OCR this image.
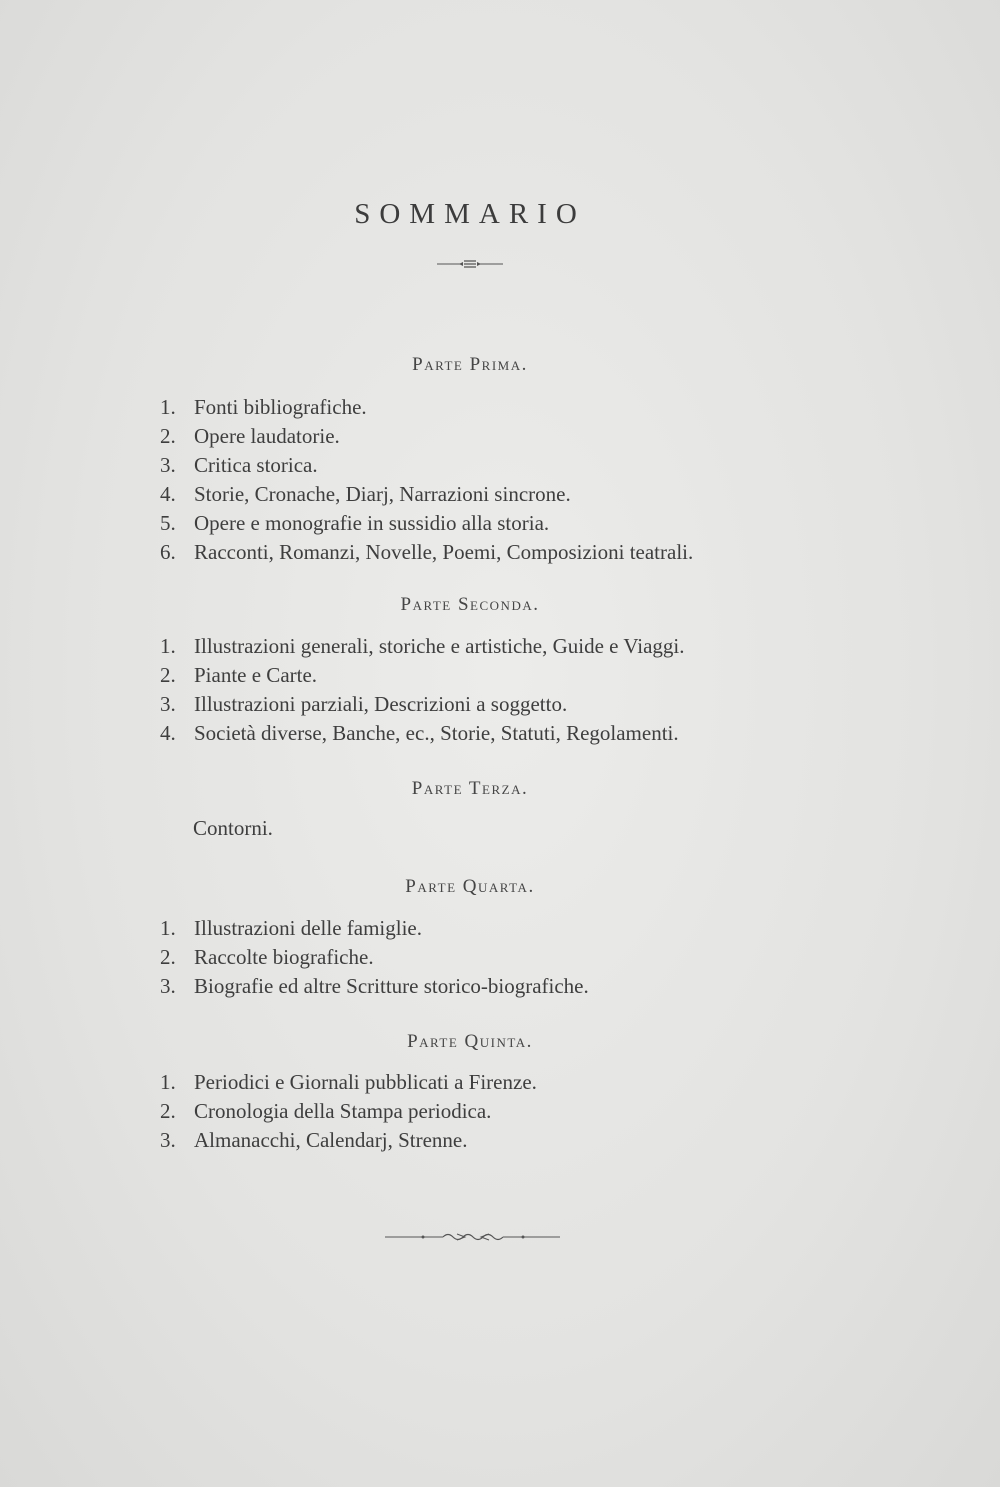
SOMMARIO
Parte Prima.
1. Fonti bibliografiche.
2. Opere laudatorie.
3. Critica storica.
4. Storie, Cronache, Diarj, Narrazioni sincrone.
5. Opere e monografie in sussidio alla storia.
6. Racconti, Romanzi, Novelle, Poemi, Composizioni teatrali.
Parte Seconda.
1. Illustrazioni generali, storiche e artistiche, Guide e Viaggi.
2. Piante e Carte.
3. Illustrazioni parziali, Descrizioni a soggetto.
4. Società diverse, Banche, ec., Storie, Statuti, Regolamenti.
Parte Terza.
Contorni.
Parte Quarta.
1. Illustrazioni delle famiglie.
2. Raccolte biografiche.
3. Biografie ed altre Scritture storico-biografiche.
Parte Quinta.
1. Periodici e Giornali pubblicati a Firenze.
2. Cronologia della Stampa periodica.
3. Almanacchi, Calendarj, Strenne.
